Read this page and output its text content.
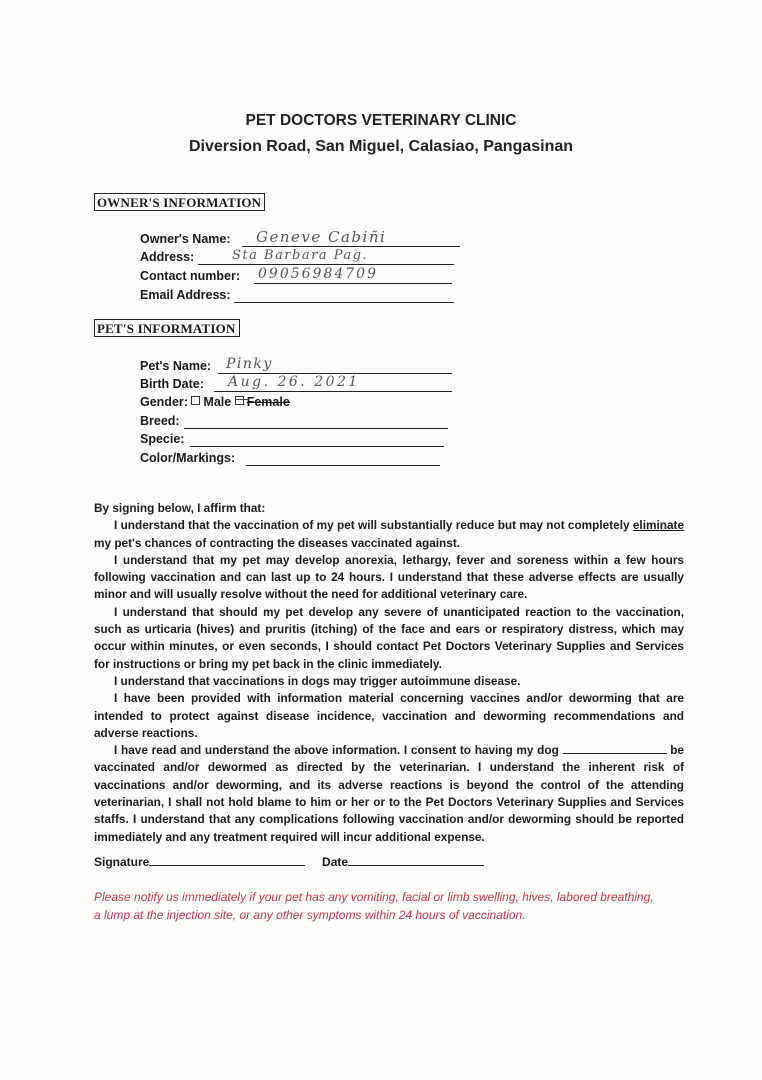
PET DOCTORS VETERINARY CLINIC
Diversion Road, San Miguel, Calasiao, Pangasinan
OWNER'S INFORMATION
Owner's Name: Geneve Cabiñi
Address:	Sta Barbara Pag.
Contact number: 09056984709
Email Address:
PET'S INFORMATION
Pet's Name: Pinky
Birth Date: Aug. 26. 2021
Gender: Male Female
Breed:
Specie:
Color/Markings:

By signing below, I affirm that:

I understand that the vaccination of my pet will substantially reduce but may not completely eliminate my pet's chances of contracting the diseases vaccinated against.

I understand that my pet may develop anorexia, lethargy, fever and soreness within a few hours following vaccination and can last up to 24 hours. I understand that these adverse effects are usually minor and will usually resolve without the need for additional veterinary care.

I understand that should my pet develop any severe of unanticipated reaction to the vaccination, such as urticaria (hives) and pruritis (itching) of the face and ears or respiratory distress, which may occur within minutes, or even seconds, I should contact Pet Doctors Veterinary Supplies and Services for instructions or bring my pet back in the clinic immediately.

I understand that vaccinations in dogs may trigger autoimmune disease.

I have been provided with information material concerning vaccines and/or deworming that are intended to protect against disease incidence, vaccination and deworming recommendations and adverse reactions.

I have read and understand the above information. I consent to having my dog	be vaccinated and/or dewormed as directed by the veterinarian. I understand the inherent risk of vaccinations and/or deworming, and its adverse reactions is beyond the control of the attending veterinarian, I shall not hold blame to him or her or to the Pet Doctors Veterinary Supplies and Services staffs. I understand that any complications following vaccination and/or deworming should be reported immediately and any treatment required will incur additional expense.

Signature	Date
Please notify us immediately if your pet has any vomiting, facial or limb swelling, hives, labored breathing, a lump at the injection site, or any other symptoms within 24 hours of vaccination.
